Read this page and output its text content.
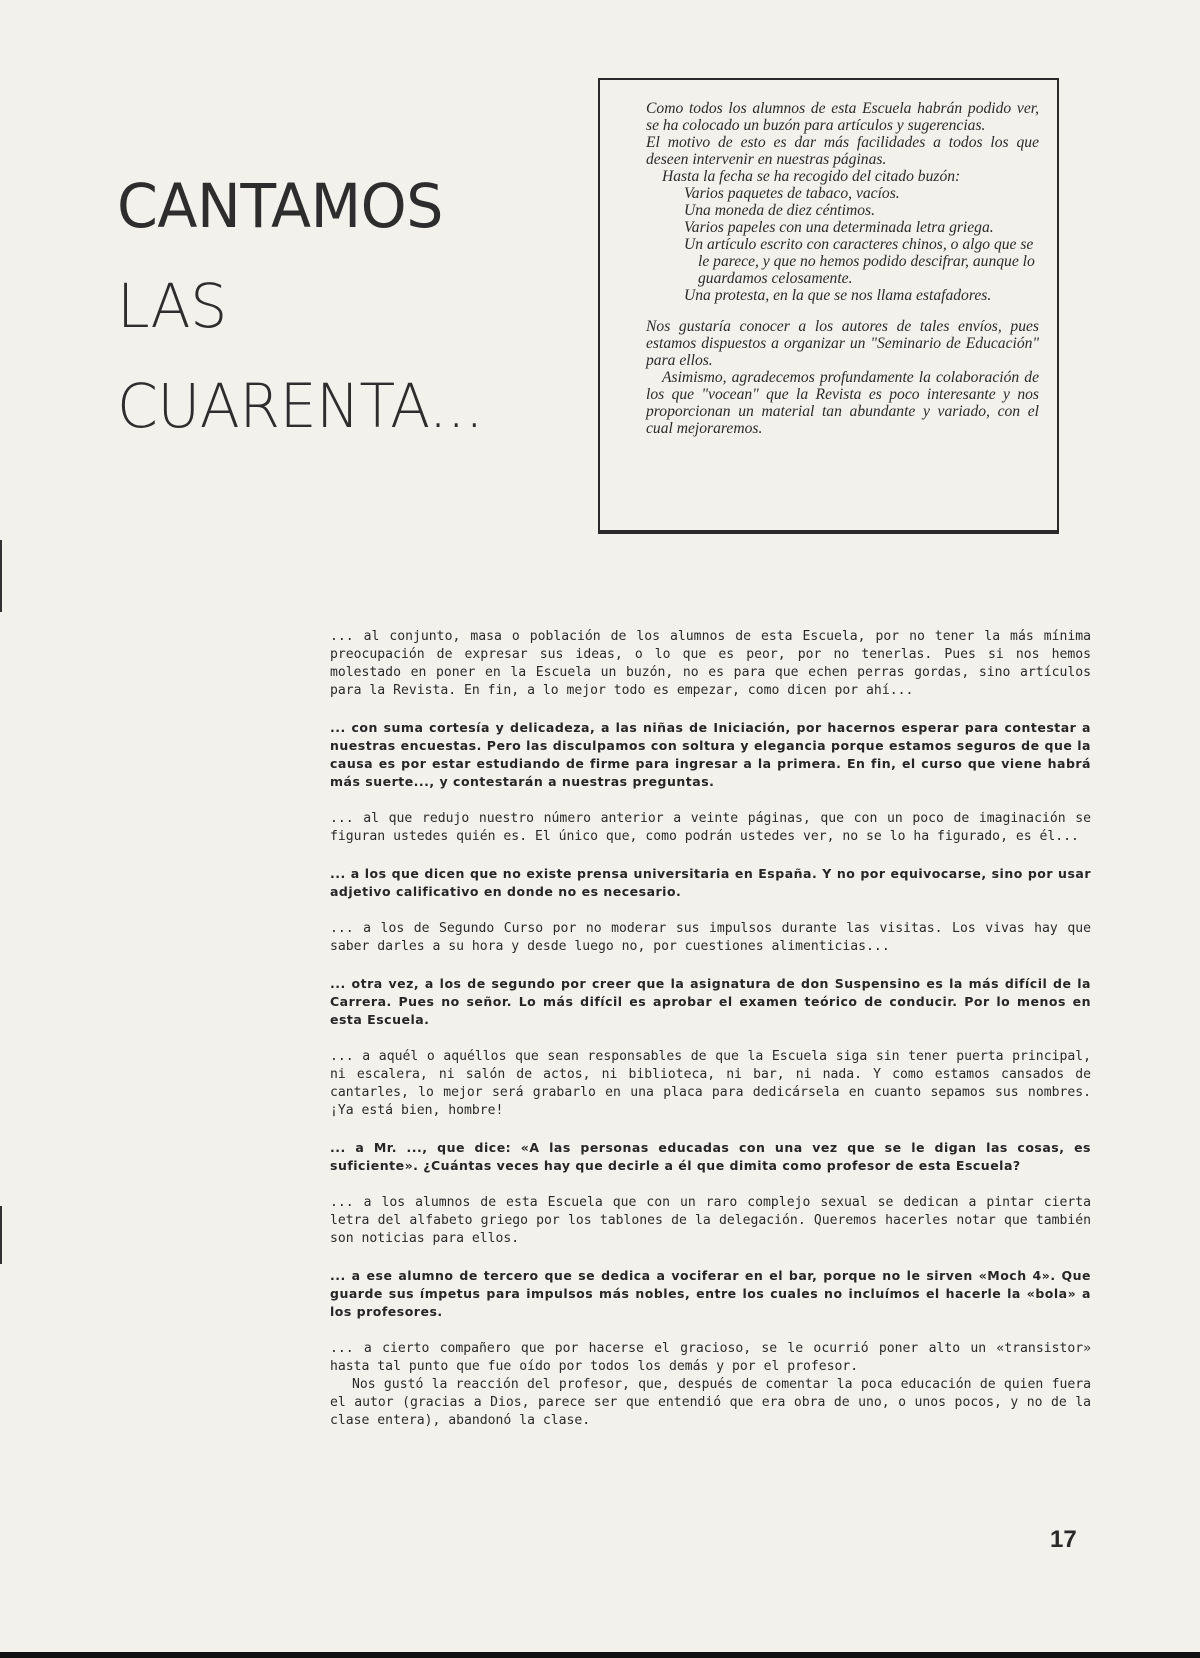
CANTAMOS
LAS
CUARENTA...

Como todos los alumnos de esta Escuela habrán podido ver, se ha colocado un buzón para artículos y sugerencias.

El motivo de esto es dar más facilidades a todos los que deseen intervenir en nuestras páginas.

Hasta la fecha se ha recogido del citado buzón:

Varios paquetes de tabaco, vacíos.
Una moneda de diez céntimos.
Varios papeles con una determinada letra griega.
Un artículo escrito con caracteres chinos, o algo que se le parece, y que no hemos podido descifrar, aunque lo guardamos celosamente.
Una protesta, en la que se nos llama estafadores.

Nos gustaría conocer a los autores de tales envíos, pues estamos dispuestos a organizar un "Seminario de Educación" para ellos.

Asimismo, agradecemos profundamente la colaboración de los que "vocean" que la Revista es poco interesante y nos proporcionan un material tan abundante y variado, con el cual mejoraremos.

... al conjunto, masa o población de los alumnos de esta Escuela, por no tener la más mínima preocupación de expresar sus ideas, o lo que es peor, por no tenerlas. Pues si nos hemos molestado en poner en la Escuela un buzón, no es para que echen perras gordas, sino artículos para la Revista. En fin, a lo mejor todo es empezar, como dicen por ahí...

... con suma cortesía y delicadeza, a las niñas de Iniciación, por hacernos esperar para contestar a nuestras encuestas. Pero las disculpamos con soltura y elegancia porque estamos seguros de que la causa es por estar estudiando de firme para ingresar a la primera. En fin, el curso que viene habrá más suerte..., y contestarán a nuestras preguntas.

... al que redujo nuestro número anterior a veinte páginas, que con un poco de imaginación se figuran ustedes quién es. El único que, como podrán ustedes ver, no se lo ha figurado, es él...

... a los que dicen que no existe prensa universitaria en España. Y no por equivocarse, sino por usar adjetivo calificativo en donde no es necesario.

... a los de Segundo Curso por no moderar sus impulsos durante las visitas. Los vivas hay que saber darles a su hora y desde luego no, por cuestiones alimenticias...

... otra vez, a los de segundo por creer que la asignatura de don Suspensino es la más difícil de la Carrera. Pues no señor. Lo más difícil es aprobar el examen teórico de conducir. Por lo menos en esta Escuela.

... a aquél o aquéllos que sean responsables de que la Escuela siga sin tener puerta principal, ni escalera, ni salón de actos, ni biblioteca, ni bar, ni nada. Y como estamos cansados de cantarles, lo mejor será grabarlo en una placa para dedicársela en cuanto sepamos sus nombres. ¡Ya está bien, hombre!

... a Mr. ..., que dice: «A las personas educadas con una vez que se le digan las cosas, es suficiente». ¿Cuántas veces hay que decirle a él que dimita como profesor de esta Escuela?

... a los alumnos de esta Escuela que con un raro complejo sexual se dedican a pintar cierta letra del alfabeto griego por los tablones de la delegación. Queremos hacerles notar que también son noticias para ellos.

... a ese alumno de tercero que se dedica a vociferar en el bar, porque no le sirven «Moch 4». Que guarde sus ímpetus para impulsos más nobles, entre los cuales no incluímos el hacerle la «bola» a los profesores.

... a cierto compañero que por hacerse el gracioso, se le ocurrió poner alto un «transistor» hasta tal punto que fue oído por todos los demás y por el profesor.

Nos gustó la reacción del profesor, que, después de comentar la poca educación de quien fuera el autor (gracias a Dios, parece ser que entendió que era obra de uno, o unos pocos, y no de la clase entera), abandonó la clase.

17
